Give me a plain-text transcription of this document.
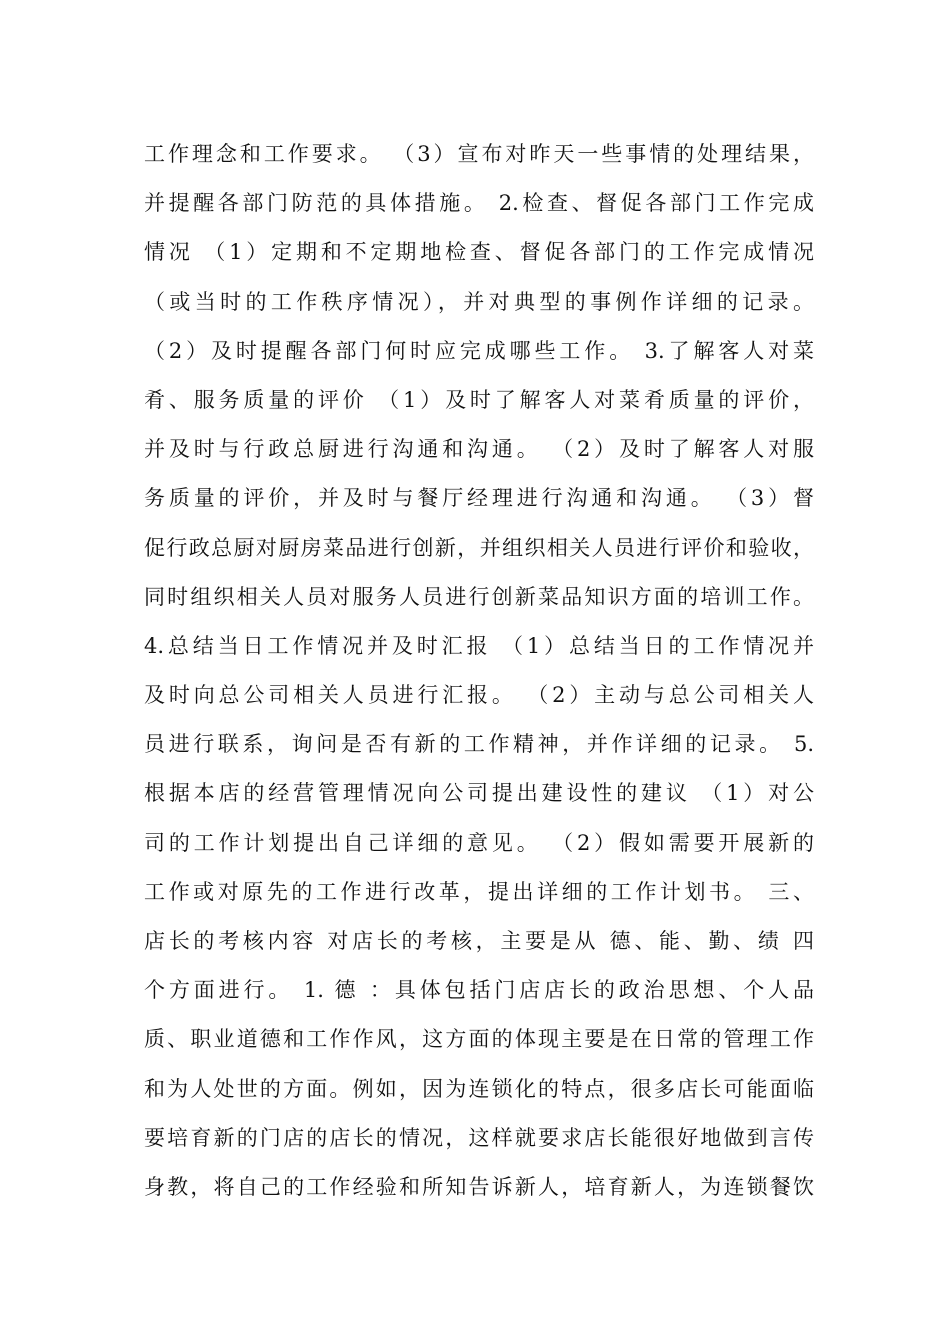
工作理念和工作要求。 （3）宣布对昨天一些事情的处理结果，
并提醒各部门防范的具体措施。 2.检查、督促各部门工作完成
情况 （1）定期和不定期地检查、督促各部门的工作完成情况
（或当时的工作秩序情况），并对典型的事例作详细的记录。
（2）及时提醒各部门何时应完成哪些工作。 3.了解客人对菜
肴、服务质量的评价 （1）及时了解客人对菜肴质量的评价，
并及时与行政总厨进行沟通和沟通。 （2）及时了解客人对服
务质量的评价，并及时与餐厅经理进行沟通和沟通。 （3）督
促行政总厨对厨房菜品进行创新，并组织相关人员进行评价和验收，
同时组织相关人员对服务人员进行创新菜品知识方面的培训工作。
4.总结当日工作情况并及时汇报 （1）总结当日的工作情况并
及时向总公司相关人员进行汇报。 （2）主动与总公司相关人
员进行联系，询问是否有新的工作精神，并作详细的记录。 5.
根据本店的经营管理情况向公司提出建设性的建议 （1）对公
司的工作计划提出自己详细的意见。 （2）假如需要开展新的
工作或对原先的工作进行改革，提出详细的工作计划书。 三、
店长的考核内容 对店长的考核，主要是从 德、能、勤、绩 四
个方面进行。 1. 德 ：具体包括门店店长的政治思想、个人品
质、职业道德和工作作风，这方面的体现主要是在日常的管理工作
和为人处世的方面。例如，因为连锁化的特点，很多店长可能面临
要培育新的门店的店长的情况，这样就要求店长能很好地做到言传
身教，将自己的工作经验和所知告诉新人，培育新人，为连锁餐饮
